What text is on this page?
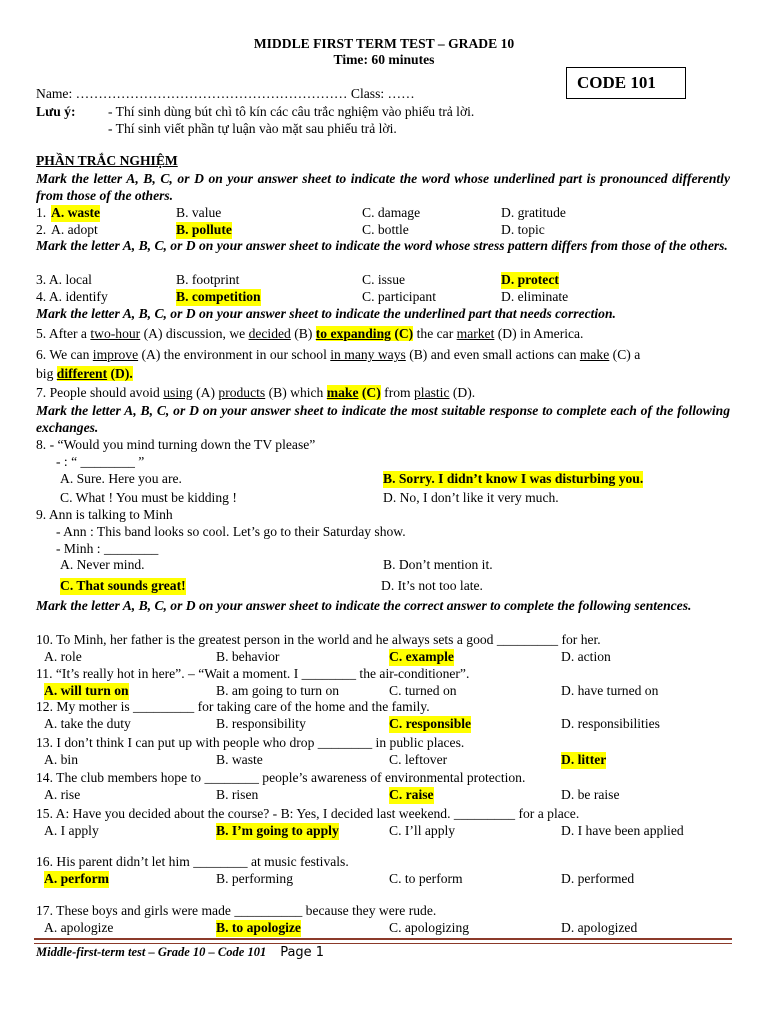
MIDDLE FIRST TERM TEST – GRADE 10
Time: 60 minutes
CODE 101
Name: …………………………………………………… Class: ……
Lưu ý: - Thí sinh dùng bút chì tô kín các câu trắc nghiệm vào phiếu trả lời.
- Thí sinh viết phần tự luận vào mặt sau phiếu trả lời.
PHẦN TRẮC NGHIỆM
Mark the letter A, B, C, or D on your answer sheet to indicate the word whose underlined part is pronounced differently from those of the others.
1. A. waste	B. value	C. damage	D. gratitude
2. A. adopt	B. pollute	C. bottle	D. topic
Mark the letter A, B, C, or D on your answer sheet to indicate the word whose stress pattern differs from those of the others.
3. A. local	B. footprint	C. issue	D. protect
4. A. identify	B. competition	C. participant	D. eliminate
Mark the letter A, B, C, or D on your answer sheet to indicate the underlined part that needs correction.
5. After a two-hour (A) discussion, we decided (B) to expanding (C) the car market (D) in America.
6. We can improve (A) the environment in our school in many ways (B) and even small actions can make (C) a
big different (D).
7. People should avoid using (A) products (B) which make (C) from plastic (D).
Mark the letter A, B, C, or D on your answer sheet to indicate the most suitable response to complete each of the following exchanges.
8. - “Would you mind turning down the TV please”
- : “ ________ ”
A. Sure. Here you are.	B. Sorry. I didn’t know I was disturbing you.
C. What ! You must be kidding !	D. No, I don’t like it very much.
9. Ann is talking to Minh
- Ann : This band looks so cool. Let’s go to their Saturday show.
- Minh : ________
A. Never mind.	B. Don’t mention it.
C. That sounds great!	D. It’s not too late.
Mark the letter A, B, C, or D on your answer sheet to indicate the correct answer to complete the following sentences.
10. To Minh, her father is the greatest person in the world and he always sets a good _________ for her.
A. role	B. behavior	C. example	D. action
11. “It’s really hot in here”. – “Wait a moment. I ________ the air-conditioner”.
A. will turn on	B. am going to turn on	C. turned on	D. have turned on
12. My mother is _________ for taking care of the home and the family.
A. take the duty	B. responsibility	C. responsible	D. responsibilities
13. I don’t think I can put up with people who drop ________ in public places.
A. bin	B. waste	C. leftover	D. litter
14. The club members hope to ________ people’s awareness of environmental protection.
A. rise	B. risen	C. raise	D. be raise
15. A: Have you decided about the course? - B: Yes, I decided last weekend. _________ for a place.
A. I apply	B. I’m going to apply	C. I’ll apply	D. I have been applied
16. His parent didn’t let him ________ at music festivals.
A. perform	B. performing	C. to perform	D. performed
17. These boys and girls were made __________ because they were rude.
A. apologize	B. to apologize	C. apologizing	D. apologized
Middle-first-term test – Grade 10 – Code 101 Page 1
